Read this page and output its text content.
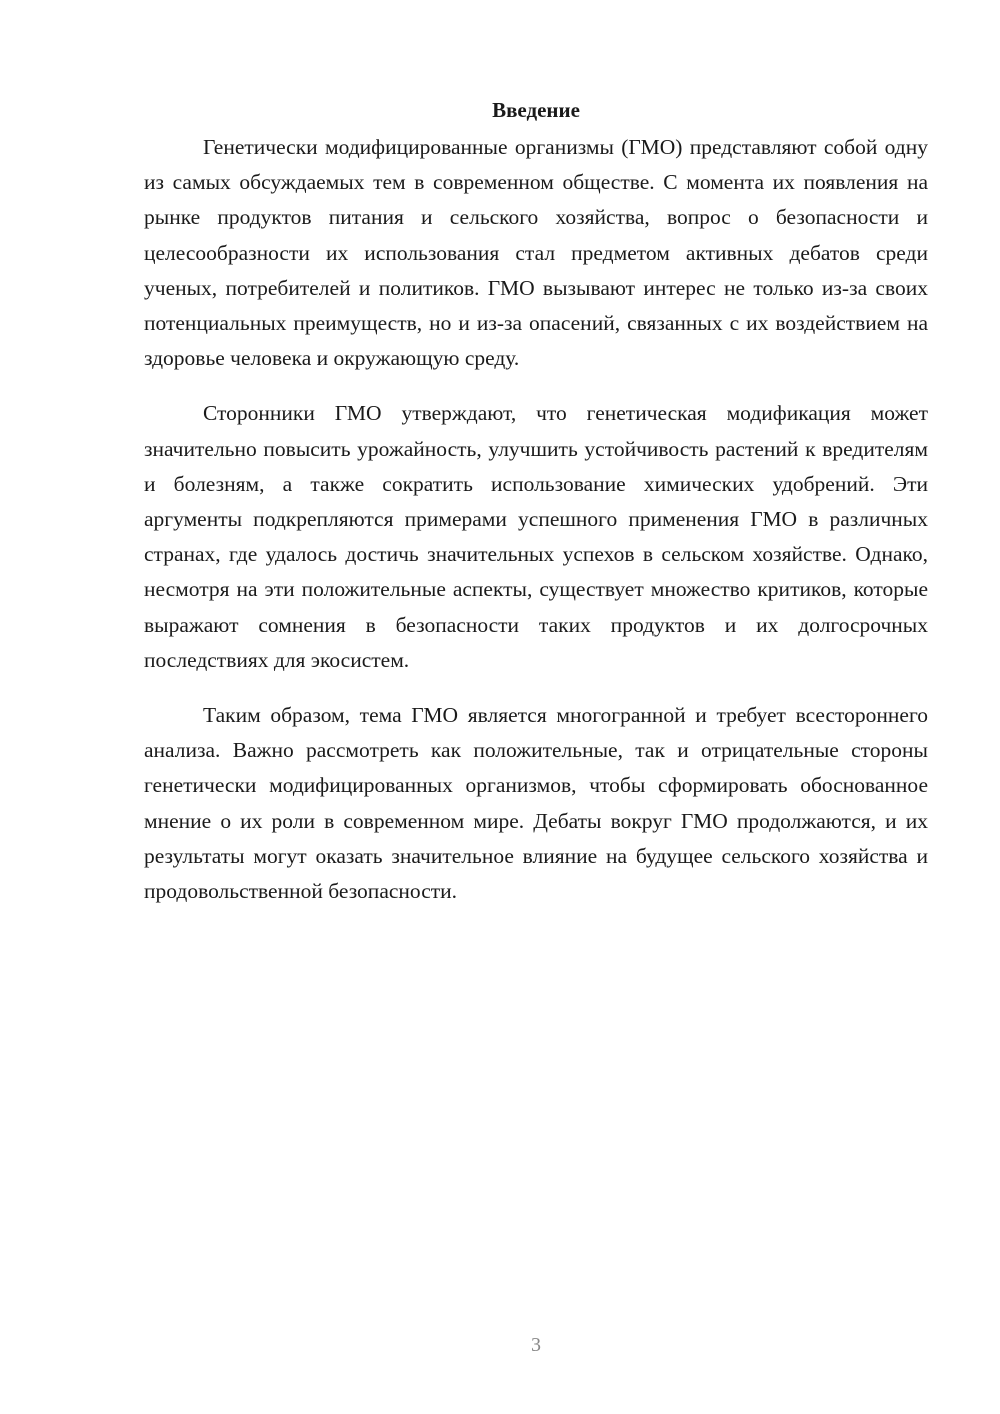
Введение

Генетически модифицированные организмы (ГМО) представляют собой одну из самых обсуждаемых тем в современном обществе. С момента их появления на рынке продуктов питания и сельского хозяйства, вопрос о безопасности и целесообразности их использования стал предметом активных дебатов среди ученых, потребителей и политиков. ГМО вызывают интерес не только из-за своих потенциальных преимуществ, но и из-за опасений, связанных с их воздействием на здоровье человека и окружающую среду.

Сторонники ГМО утверждают, что генетическая модификация может значительно повысить урожайность, улучшить устойчивость растений к вредителям и болезням, а также сократить использование химических удобрений. Эти аргументы подкрепляются примерами успешного применения ГМО в различных странах, где удалось достичь значительных успехов в сельском хозяйстве. Однако, несмотря на эти положительные аспекты, существует множество критиков, которые выражают сомнения в безопасности таких продуктов и их долгосрочных последствиях для экосистем.

Таким образом, тема ГМО является многогранной и требует всестороннего анализа. Важно рассмотреть как положительные, так и отрицательные стороны генетически модифицированных организмов, чтобы сформировать обоснованное мнение о их роли в современном мире. Дебаты вокруг ГМО продолжаются, и их результаты могут оказать значительное влияние на будущее сельского хозяйства и продовольственной безопасности.

3
